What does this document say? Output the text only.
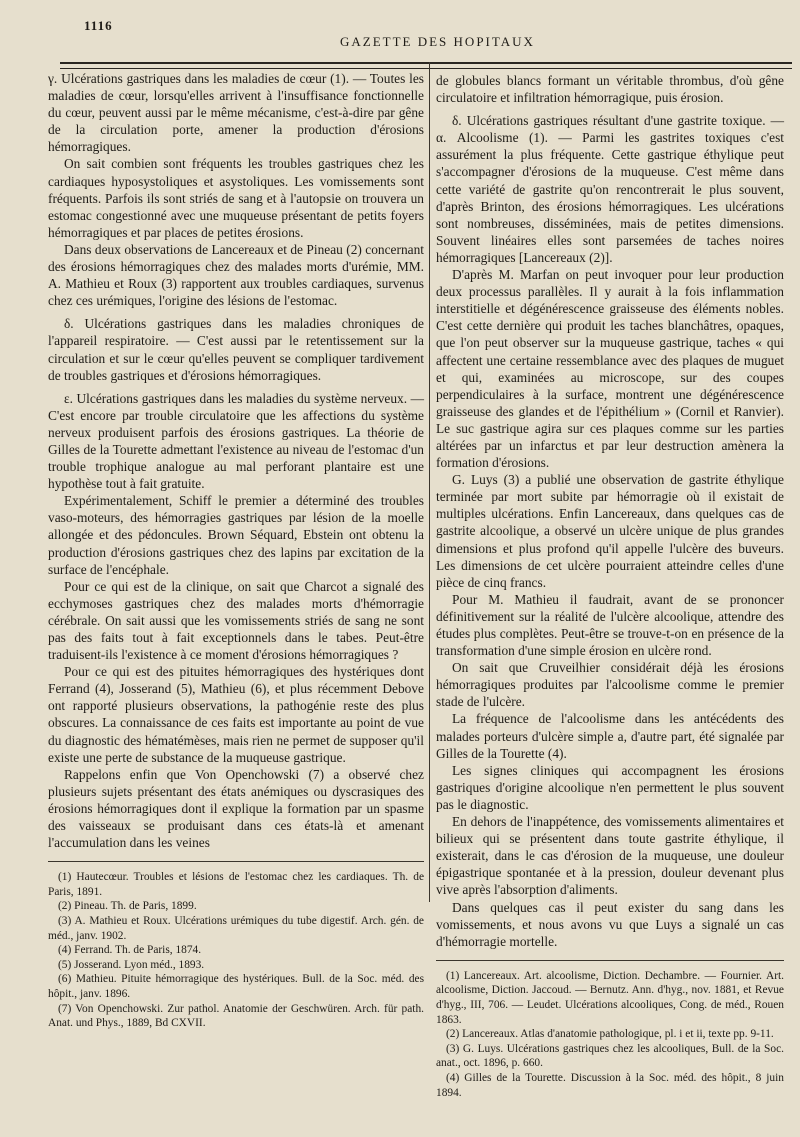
1116
GAZETTE DES HOPITAUX

γ. Ulcérations gastriques dans les maladies de cœur (1). — Toutes les maladies de cœur, lorsqu'elles arrivent à l'insuffisance fonctionnelle du cœur, peuvent aussi par le même mécanisme, c'est-à-dire par gêne de la circulation porte, amener la production d'érosions hémorragiques.

On sait combien sont fréquents les troubles gastriques chez les cardiaques hyposystoliques et asystoliques. Les vomissements sont fréquents. Parfois ils sont striés de sang et à l'autopsie on trouvera un estomac congestionné avec une muqueuse présentant de petits foyers hémorragiques et par places de petites érosions.

Dans deux observations de Lancereaux et de Pineau (2) concernant des érosions hémorragiques chez des malades morts d'urémie, MM. A. Mathieu et Roux (3) rapportent aux troubles cardiaques, survenus chez ces urémiques, l'origine des lésions de l'estomac.

δ. Ulcérations gastriques dans les maladies chroniques de l'appareil respiratoire. — C'est aussi par le retentissement sur la circulation et sur le cœur qu'elles peuvent se compliquer tardivement de troubles gastriques et d'érosions hémorragiques.

ε. Ulcérations gastriques dans les maladies du système nerveux. — C'est encore par trouble circulatoire que les affections du système nerveux produisent parfois des érosions gastriques. La théorie de Gilles de la Tourette admettant l'existence au niveau de l'estomac d'un trouble trophique analogue au mal perforant plantaire est une hypothèse tout à fait gratuite.

Expérimentalement, Schiff le premier a déterminé des troubles vaso-moteurs, des hémorragies gastriques par lésion de la moelle allongée et des pédoncules. Brown Séquard, Ebstein ont obtenu la production d'érosions gastriques chez des lapins par excitation de la surface de l'encéphale.

Pour ce qui est de la clinique, on sait que Charcot a signalé des ecchymoses gastriques chez des malades morts d'hémorragie cérébrale. On sait aussi que les vomissements striés de sang ne sont pas des faits tout à fait exceptionnels dans le tabes. Peut-être traduisent-ils l'existence à ce moment d'érosions hémorragiques ?

Pour ce qui est des pituites hémorragiques des hystériques dont Ferrand (4), Josserand (5), Mathieu (6), et plus récemment Debove ont rapporté plusieurs observations, la pathogénie reste des plus obscures. La connaissance de ces faits est importante au point de vue du diagnostic des hématémèses, mais rien ne permet de supposer qu'il existe une perte de substance de la muqueuse gastrique.

Rappelons enfin que Von Openchowski (7) a observé chez plusieurs sujets présentant des états anémiques ou dyscrasiques des érosions hémorragiques dont il explique la formation par un spasme des vaisseaux se produisant dans ces états-là et amenant l'accumulation dans les veines

(1) Hautecœur. Troubles et lésions de l'estomac chez les cardiaques. Th. de Paris, 1891.

(2) Pineau. Th. de Paris, 1899.

(3) A. Mathieu et Roux. Ulcérations urémiques du tube digestif. Arch. gén. de méd., janv. 1902.

(4) Ferrand. Th. de Paris, 1874.

(5) Josserand. Lyon méd., 1893.

(6) Mathieu. Pituite hémorragique des hystériques. Bull. de la Soc. méd. des hôpit., janv. 1896.

(7) Von Openchowski. Zur pathol. Anatomie der Geschwüren. Arch. für path. Anat. und Phys., 1889, Bd CXVII.

de globules blancs formant un véritable thrombus, d'où gêne circulatoire et infiltration hémorragique, puis érosion.

δ. Ulcérations gastriques résultant d'une gastrite toxique. — α. Alcoolisme (1). — Parmi les gastrites toxiques c'est assurément la plus fréquente. Cette gastrique éthylique peut s'accompagner d'érosions de la muqueuse. C'est même dans cette variété de gastrite qu'on rencontrerait le plus souvent, d'après Brinton, des érosions hémorragiques. Les ulcérations sont nombreuses, disséminées, mais de petites dimensions. Souvent linéaires elles sont parsemées de taches noires hémorragiques [Lancereaux (2)].

D'après M. Marfan on peut invoquer pour leur production deux processus parallèles. Il y aurait à la fois inflammation interstitielle et dégénérescence graisseuse des éléments nobles. C'est cette dernière qui produit les taches blanchâtres, opaques, que l'on peut observer sur la muqueuse gastrique, taches « qui affectent une certaine ressemblance avec des plaques de muguet et qui, examinées au microscope, sur des coupes perpendiculaires à la surface, montrent une dégénérescence graisseuse des glandes et de l'épithélium » (Cornil et Ranvier). Le suc gastrique agira sur ces plaques comme sur les parties altérées par un infarctus et par leur destruction amènera la formation d'érosions.

G. Luys (3) a publié une observation de gastrite éthylique terminée par mort subite par hémorragie où il existait de multiples ulcérations. Enfin Lancereaux, dans quelques cas de gastrite alcoolique, a observé un ulcère unique de plus grandes dimensions et plus profond qu'il appelle l'ulcère des buveurs. Les dimensions de cet ulcère pourraient atteindre celles d'une pièce de cinq francs.

Pour M. Mathieu il faudrait, avant de se prononcer définitivement sur la réalité de l'ulcère alcoolique, attendre des études plus complètes. Peut-être se trouve-t-on en présence de la transformation d'une simple érosion en ulcère rond.

On sait que Cruveilhier considérait déjà les érosions hémorragiques produites par l'alcoolisme comme le premier stade de l'ulcère.

La fréquence de l'alcoolisme dans les antécédents des malades porteurs d'ulcère simple a, d'autre part, été signalée par Gilles de la Tourette (4).

Les signes cliniques qui accompagnent les érosions gastriques d'origine alcoolique n'en permettent le plus souvent pas le diagnostic.

En dehors de l'inappétence, des vomissements alimentaires et bilieux qui se présentent dans toute gastrite éthylique, il existerait, dans le cas d'érosion de la muqueuse, une douleur épigastrique spontanée et à la pression, douleur devenant plus vive après l'absorption d'aliments.

Dans quelques cas il peut exister du sang dans les vomissements, et nous avons vu que Luys a signalé un cas d'hémorragie mortelle.

(1) Lancereaux. Art. alcoolisme, Diction. Dechambre. — Fournier. Art. alcoolisme, Diction. Jaccoud. — Bernutz. Ann. d'hyg., nov. 1881, et Revue d'hyg., III, 706. — Leudet. Ulcérations alcooliques, Cong. de méd., Rouen 1863.

(2) Lancereaux. Atlas d'anatomie pathologique, pl. i et ii, texte pp. 9-11.

(3) G. Luys. Ulcérations gastriques chez les alcooliques, Bull. de la Soc. anat., oct. 1896, p. 660.

(4) Gilles de la Tourette. Discussion à la Soc. méd. des hôpit., 8 juin 1894.
